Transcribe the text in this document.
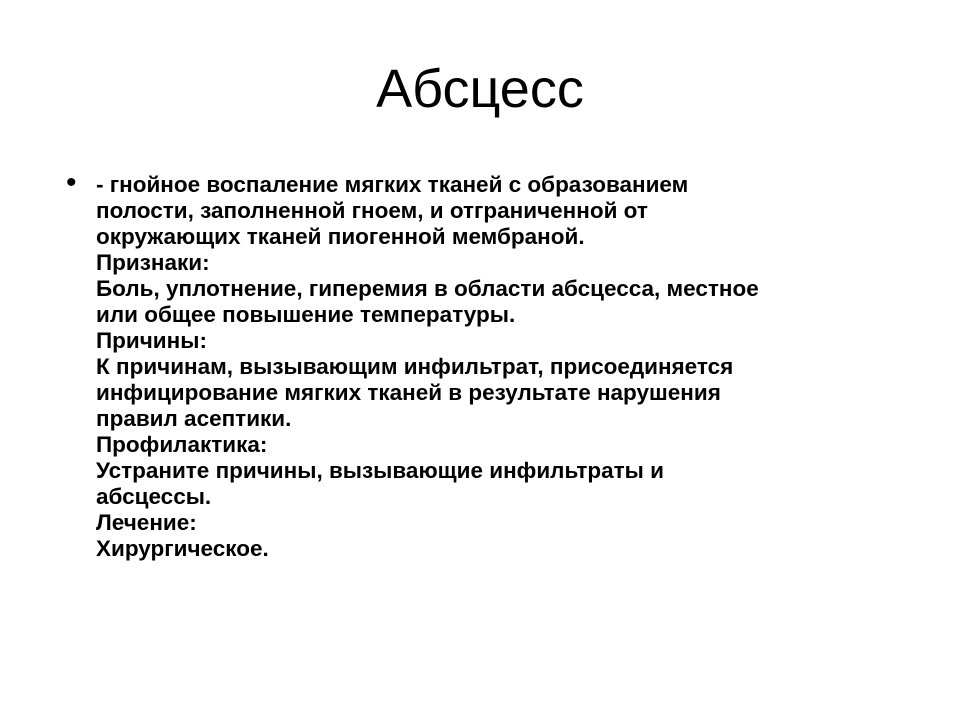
Абсцесс
• - гнойное воспаление мягких тканей с образованием
полости, заполненной гноем, и отграниченной от
окружающих тканей пиогенной мембраной.
Признаки:
Боль, уплотнение, гиперемия в области абсцесса, местное
или общее повышение температуры.
Причины:
К причинам, вызывающим инфильтрат, присоединяется
инфицирование мягких тканей в результате нарушения
правил асептики.
Профилактика:
Устраните причины, вызывающие инфильтраты и
абсцессы.
Лечение:
Хирургическое.
